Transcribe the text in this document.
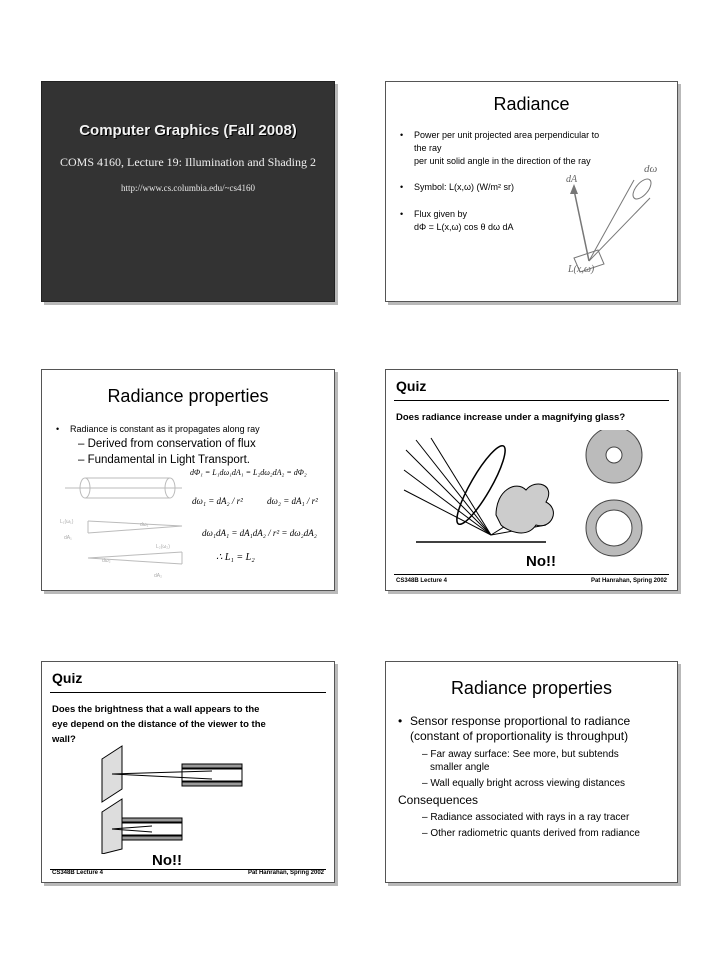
Computer Graphics (Fall 2008)
COMS 4160, Lecture 19: Illumination and Shading 2
http://www.cs.columbia.edu/~cs4160
Radiance
• Power per unit projected area perpendicular to the ray
per unit solid angle in the direction of the ray
• Symbol: L(x,ω) (W/m² sr)
• Flux given by
dΦ = L(x,ω) cos θ dω dA
dω
dA
L(x,ω)
Radiance properties
• Radiance is constant as it propagates along ray
– Derived from conservation of flux
– Fundamental in Light Transport.
L₁(ω₁)	dω₁
dA₁
L₂(ω₂)
dω₂
dA₂
dΦ₁ = L₁dω₁dA₁ = L₂dω₂dA₂ = dΦ₂
dω₁ = dA₂ / r²	dω₂ = dA₁ / r²
dω₁dA₁ = dA₁dA₂ / r² = dω₂dA₂
∴ L₁ = L₂
Quiz
Does radiance increase under a magnifying glass?
No!!
CS348B Lecture 4	Pat Hanrahan, Spring 2002
Quiz
Does the brightness that a wall appears to the
eye depend on the distance of the viewer to the
wall?
No!!
CS348B Lecture 4	Pat Hanrahan, Spring 2002
Radiance properties
• Sensor response proportional to radiance
(constant of proportionality is throughput)
– Far away surface: See more, but subtends
smaller angle
– Wall equally bright across viewing distances
Consequences
– Radiance associated with rays in a ray tracer
– Other radiometric quants derived from radiance
